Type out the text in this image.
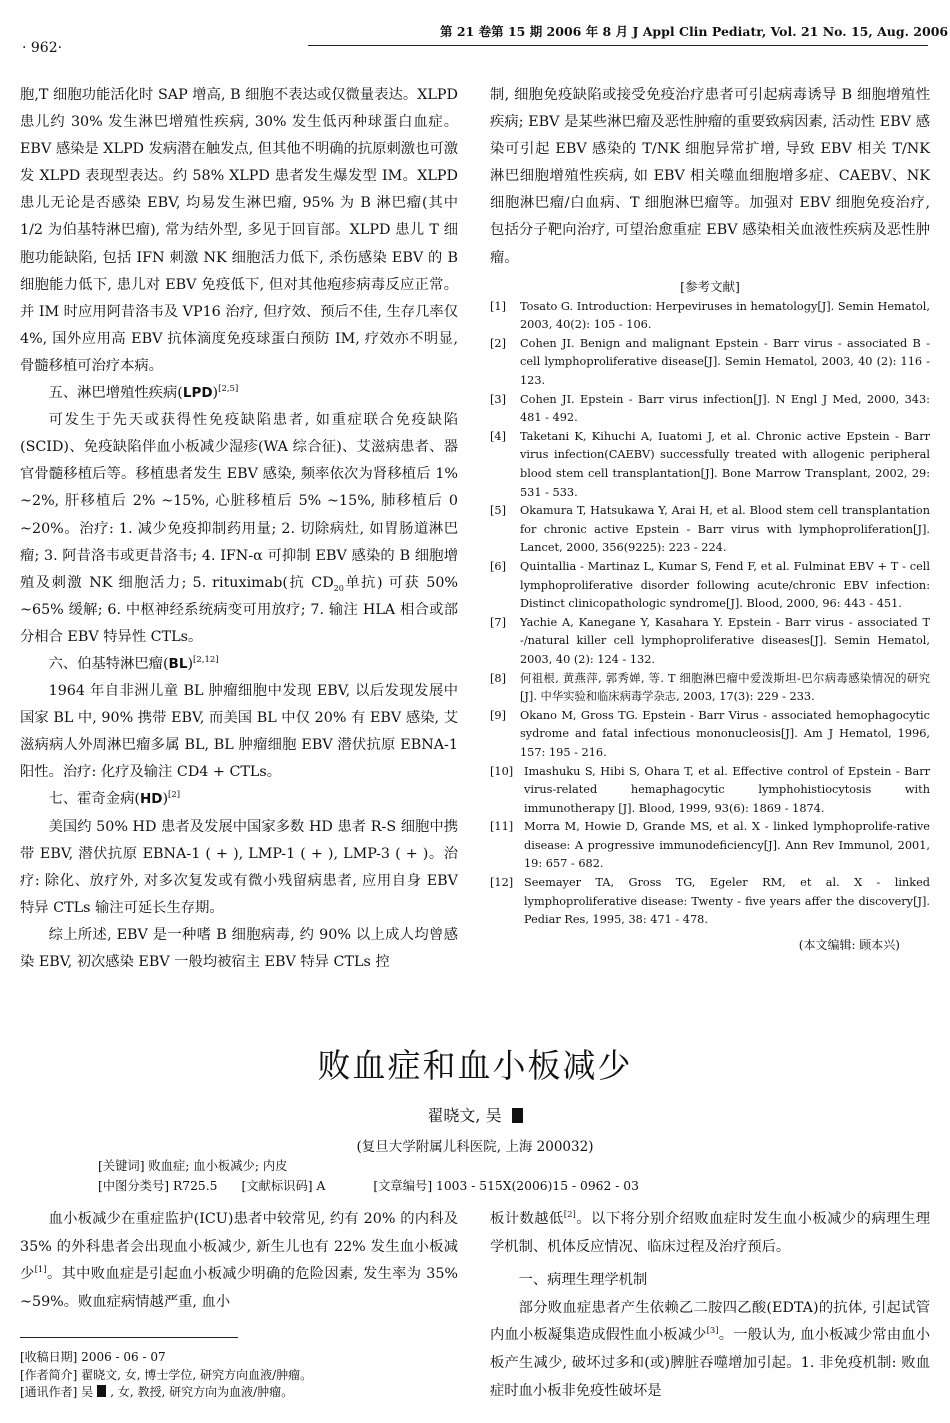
· 962·
第 21 卷第 15 期 2006 年 8 月 J Appl Clin Pediatr, Vol. 21 No. 15, Aug. 2006

胞,T 细胞功能活化时 SAP 增高, B 细胞不表达或仅微量表达。XLPD 患儿约 30% 发生淋巴增殖性疾病, 30% 发生低丙种球蛋白血症。EBV 感染是 XLPD 发病潜在触发点, 但其他不明确的抗原刺激也可激发 XLPD 表现型表达。约 58% XLPD 患者发生爆发型 IM。XLPD 患儿无论是否感染 EBV, 均易发生淋巴瘤, 95% 为 B 淋巴瘤(其中 1/2 为伯基特淋巴瘤), 常为结外型, 多见于回盲部。XLPD 患儿 T 细胞功能缺陷, 包括 IFN 刺激 NK 细胞活力低下, 杀伤感染 EBV 的 B 细胞能力低下, 患儿对 EBV 免疫低下, 但对其他疱疹病毒反应正常。并 IM 时应用阿昔洛韦及 VP16 治疗, 但疗效、预后不佳, 生存几率仅 4%, 国外应用高 EBV 抗体滴度免疫球蛋白预防 IM, 疗效亦不明显, 骨髓移植可治疗本病。

五、淋巴增殖性疾病(LPD)[2,5]

可发生于先天或获得性免疫缺陷患者, 如重症联合免疫缺陷(SCID)、免疫缺陷伴血小板减少湿疹(WA 综合征)、艾滋病患者、器官骨髓移植后等。移植患者发生 EBV 感染, 频率依次为肾移植后 1% ~2%, 肝移植后 2% ~15%, 心脏移植后 5% ~15%, 肺移植后 0 ~20%。治疗: 1. 减少免疫抑制药用量; 2. 切除病灶, 如胃肠道淋巴瘤; 3. 阿昔洛韦或更昔洛韦; 4. IFN-α 可抑制 EBV 感染的 B 细胞增殖及刺激 NK 细胞活力; 5. rituximab(抗 $CD_{20}$单抗) 可获 50% ~65% 缓解; 6. 中枢神经系统病变可用放疗; 7. 输注 HLA 相合或部分相合 EBV 特异性 CTLs。

六、伯基特淋巴瘤(BL)[2,12]

1964 年自非洲儿童 BL 肿瘤细胞中发现 EBV, 以后发现发展中国家 BL 中, 90% 携带 EBV, 而美国 BL 中仅 20% 有 EBV 感染, 艾滋病病人外周淋巴瘤多属 BL, BL 肿瘤细胞 EBV 潜伏抗原 EBNA-1 阳性。治疗: 化疗及输注 CD4 + CTLs。

七、霍奇金病(HD)[2]

美国约 50% HD 患者及发展中国家多数 HD 患者 R-S 细胞中携带 EBV, 潜伏抗原 EBNA-1 ( + ), LMP-1 ( + ), LMP-3 ( + )。治疗: 除化、放疗外, 对多次复发或有微小残留病患者, 应用自身 EBV 特异 CTLs 输注可延长生存期。

综上所述, EBV 是一种嗜 B 细胞病毒, 约 90% 以上成人均曾感染 EBV, 初次感染 EBV 一般均被宿主 EBV 特异 CTLs 控

制, 细胞免疫缺陷或接受免疫治疗患者可引起病毒诱导 B 细胞增殖性疾病; EBV 是某些淋巴瘤及恶性肿瘤的重要致病因素, 活动性 EBV 感染可引起 EBV 感染的 T/NK 细胞异常扩增, 导致 EBV 相关 T/NK 淋巴细胞增殖性疾病, 如 EBV 相关噬血细胞增多症、CAEBV、NK 细胞淋巴瘤/白血病、T 细胞淋巴瘤等。加强对 EBV 细胞免疫治疗, 包括分子靶向治疗, 可望治愈重症 EBV 感染相关血液性疾病及恶性肿瘤。

[参考文献]
[1]	Tosato G. Introduction: Herpeviruses in hematology[J]. Semin Hematol, 2003, 40(2): 105 - 106.
[2]	Cohen JI. Benign and malignant Epstein - Barr virus - associated B - cell lymphoproliferative disease[J]. Semin Hematol, 2003, 40 (2): 116 - 123.
[3]	Cohen JI. Epstein - Barr virus infection[J]. N Engl J Med, 2000, 343: 481 - 492.
[4]	Taketani K, Kihuchi A, Iuatomi J, et al. Chronic active Epstein - Barr virus infection(CAEBV) successfully treated with allogenic peripheral blood stem cell transplantation[J]. Bone Marrow Transplant, 2002, 29: 531 - 533.
[5]	Okamura T, Hatsukawa Y, Arai H, et al. Blood stem cell transplantation for chronic active Epstein - Barr virus with lymphoproliferation[J]. Lancet, 2000, 356(9225): 223 - 224.
[6]	Quintallia - Martinaz L, Kumar S, Fend F, et al. Fulminat EBV + T - cell lymphoproliferative disorder following acute/chronic EBV infection: Distinct clinicopathologic syndrome[J]. Blood, 2000, 96: 443 - 451.
[7]	Yachie A, Kanegane Y, Kasahara Y. Epstein - Barr virus - associated T -/natural killer cell lymphoproliferative diseases[J]. Semin Hematol, 2003, 40 (2): 124 - 132.
[8]	何祖根, 黄燕萍, 郭秀婵, 等. T 细胞淋巴瘤中爱泼斯坦-巴尔病毒感染情况的研究[J]. 中华实验和临床病毒学杂志, 2003, 17(3): 229 - 233.
[9]	Okano M, Gross TG. Epstein - Barr Virus - associated hemophagocytic sydrome and fatal infectious mononucleosis[J]. Am J Hematol, 1996, 157: 195 - 216.
[10] Imashuku S, Hibi S, Ohara T, et al. Effective control of Epstein - Barr virus-related hemaphagocytic lymphohistiocytosis with immunotherapy [J]. Blood, 1999, 93(6): 1869 - 1874.
[11] Morra M, Howie D, Grande MS, et al. X - linked lymphoprolife-rative disease: A progressive immunodeficiency[J]. Ann Rev Immunol, 2001, 19: 657 - 682.
[12] Seemayer TA, Gross TG, Egeler RM, et al. X - linked lymphoproliferative disease: Twenty - five years affer the discovery[J]. Pediar Res, 1995, 38: 471 - 478.
(本文编辑: 顾本兴)
败血症和血小板减少
翟晓文, 吴
(复旦大学附属儿科医院, 上海 200032)
[关键词] 败血症; 血小板减少; 内皮
[中图分类号] R725.5 [文献标识码] A	[文章编号] 1003 - 515X(2006)15 - 0962 - 03

血小板减少在重症监护(ICU)患者中较常见, 约有 20% 的内科及 35% 的外科患者会出现血小板减少, 新生儿也有 22% 发生血小板减少[1]。其中败血症是引起血小板减少明确的危险因素, 发生率为 35% ~59%。败血症病情越严重, 血小

板计数越低[2]。以下将分别介绍败血症时发生血小板减少的病理生理学机制、机体反应情况、临床过程及治疗预后。

一、病理生理学机制

部分败血症患者产生依赖乙二胺四乙酸(EDTA)的抗体, 引起试管内血小板凝集造成假性血小板减少[3]。一般认为, 血小板减少常由血小板产生减少, 破坏过多和(或)脾脏吞噬增加引起。1. 非免疫机制: 败血症时血小板非免疫性破坏是

[收稿日期] 2006 - 06 - 07
[作者简介] 翟晓文, 女, 博士学位, 研究方向血液/肿瘤。
[通讯作者] 吴 , 女, 教授, 研究方向为血液/肿瘤。
